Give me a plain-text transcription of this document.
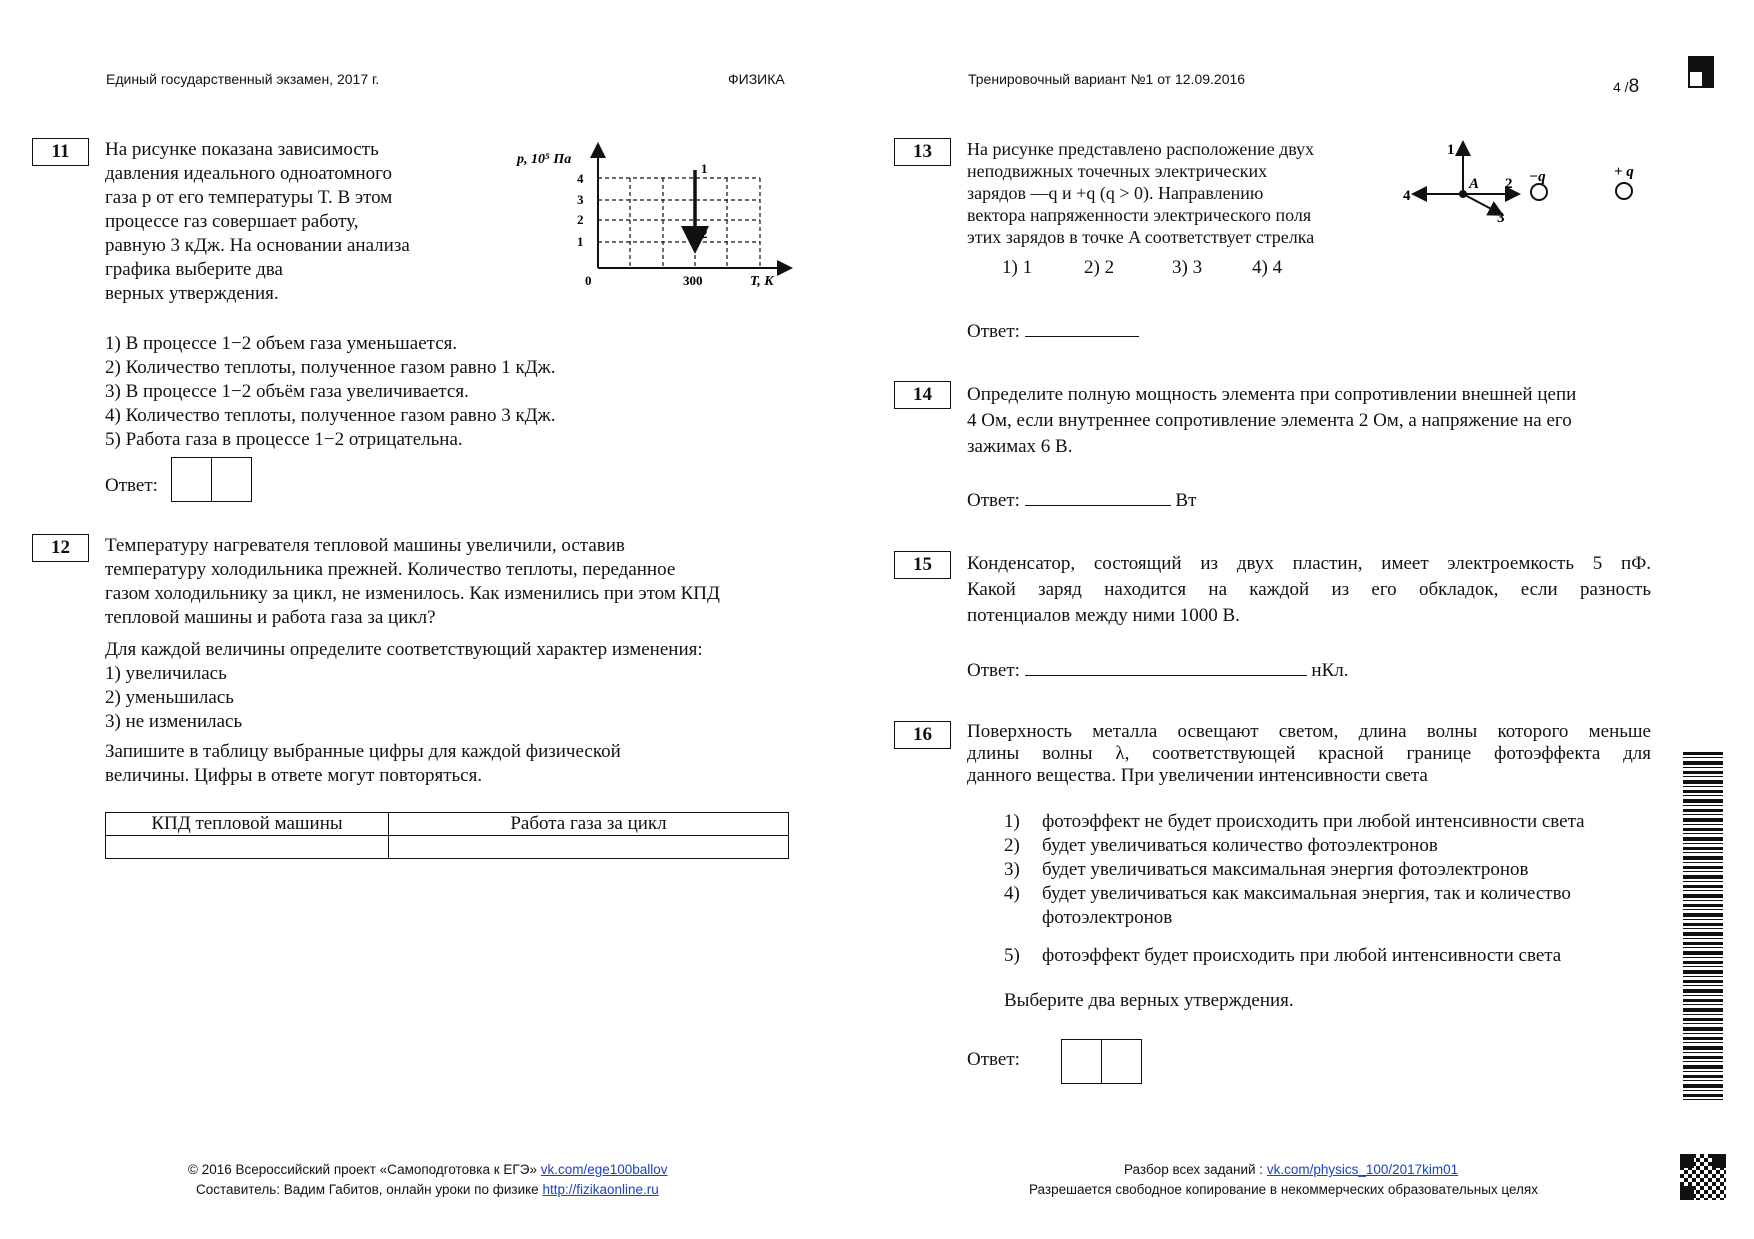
Единый государственный экзамен, 2017 г.	ФИЗИКА	Тренировочный вариант №1 от 12.09.2016	4 /8
11	На рисунке показана зависимость
давления идеального одноатомного
газа p от его температуры T. В этом
процессе газ совершает работу,
равную 3 кДж. На основании анализа
графика выберите два
верных утверждения.
p, 10⁵ Па
4
3
2
1
0	300	T, K
1
2
1) В процессе 1−2 объем газа уменьшается.
2) Количество теплоты, полученное газом равно 1 кДж.
3) В процессе 1−2 объём газа увеличивается.
4) Количество теплоты, полученное газом равно 3 кДж.
5) Работа газа в процессе 1−2 отрицательна.
Ответ:
12	Температуру нагревателя тепловой машины увеличили, оставив
температуру холодильника прежней. Количество теплоты, переданное
газом холодильнику за цикл, не изменилось. Как изменились при этом КПД
тепловой машины и работа газа за цикл?
Для каждой величины определите соответствующий характер изменения:
1) увеличилась
2) уменьшилась
3) не изменилась
Запишите в таблицу выбранные цифры для каждой физической
величины. Цифры в ответе могут повторяться.
КПД тепловой машины	Работа газа за цикл

13	На рисунке представлено расположение двух
неподвижных точечных электрических
зарядов —q и +q (q > 0). Направлению
вектора напряженности электрического поля
этих зарядов в точке A соответствует стрелка
1) 1	2) 2	3) 3	4) 4
1
2
3
4
A	−q	+ q
Ответ:
14	Определите полную мощность элемента при сопротивлении внешней цепи
4 Ом, если внутреннее сопротивление элемента 2 Ом, а напряжение на его
зажимах 6 В.
Ответ:	Вт
15	Конденсатор, состоящий из двух пластин, имеет электроемкость 5 пФ.
Какой заряд находится на каждой из его обкладок, если разность
потенциалов между ними 1000 В.
Ответ:	нКл.
16	Поверхность металла освещают светом, длина волны которого меньше
длины волны λ, соответствующей красной границе фотоэффекта для
данного вещества. При увеличении интенсивности света
1) фотоэффект не будет происходить при любой интенсивности света
2) будет увеличиваться количество фотоэлектронов
3) будет увеличиваться максимальная энергия фотоэлектронов
4) будет увеличиваться как максимальная энергия, так и количество
фотоэлектронов
5) фотоэффект будет происходить при любой интенсивности света
Выберите два верных утверждения.
Ответ:
© 2016 Всероссийский проект «Самоподготовка к ЕГЭ» vk.com/ege100ballov
Составитель: Вадим Габитов, онлайн уроки по физике http://fizikaonline.ru
Разбор всех заданий : vk.com/physics_100/2017kim01
Разрешается свободное копирование в некоммерческих образовательных целях
